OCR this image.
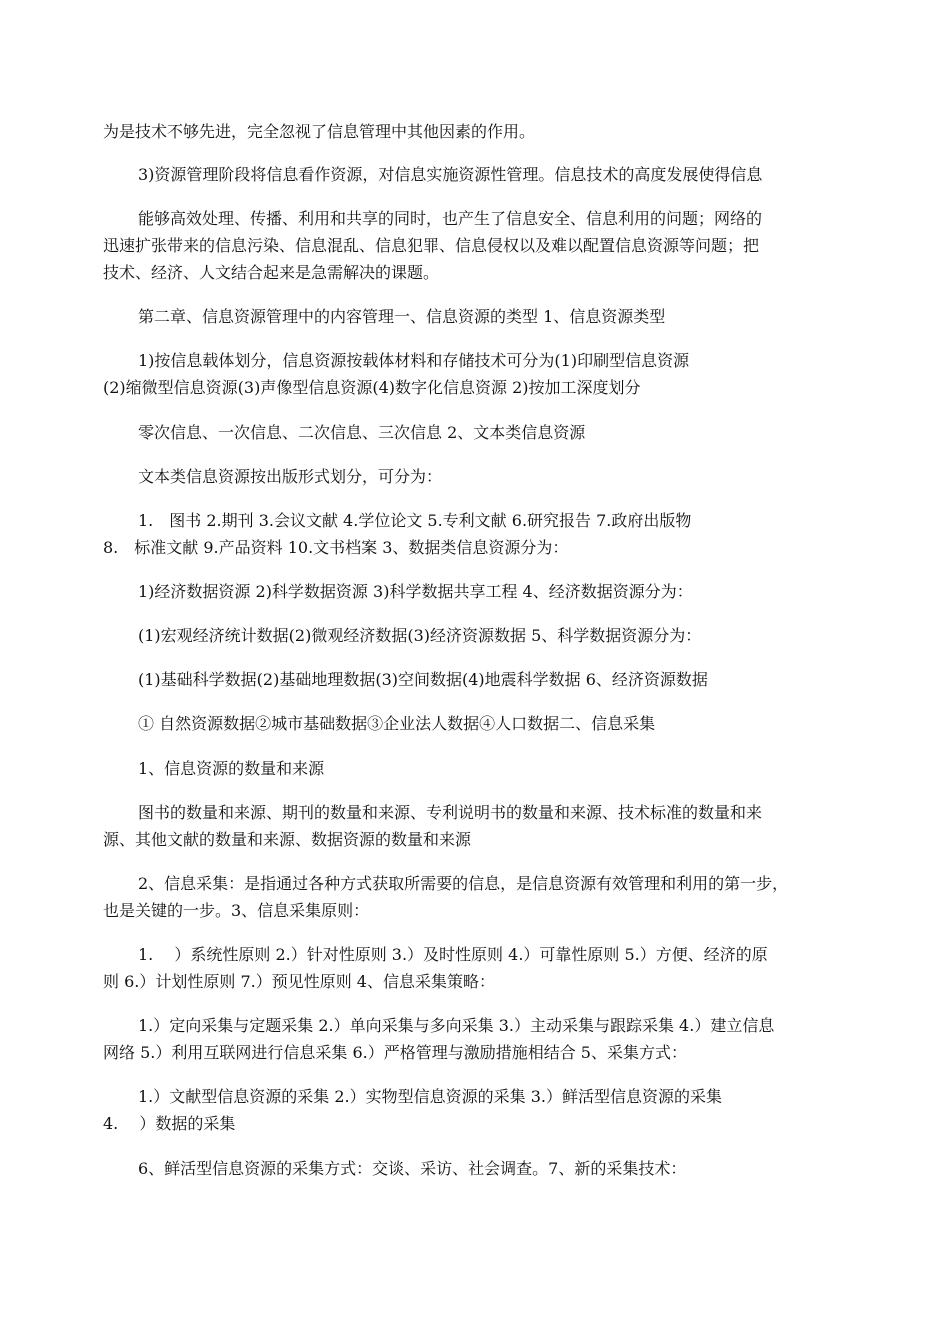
为是技术不够先进，完全忽视了信息管理中其他因素的作用。
3)资源管理阶段将信息看作资源，对信息实施资源性管理。信息技术的高度发展使得信息
能够高效处理、传播、利用和共享的同时，也产生了信息安全、信息利用的问题；网络的
迅速扩张带来的信息污染、信息混乱、信息犯罪、信息侵权以及难以配置信息资源等问题；把
技术、经济、人文结合起来是急需解决的课题。
第二章、信息资源管理中的内容管理一、信息资源的类型 1、信息资源类型
1)按信息载体划分，信息资源按载体材料和存储技术可分为(1)印刷型信息资源
(2)缩微型信息资源(3)声像型信息资源(4)数字化信息资源 2)按加工深度划分
零次信息、一次信息、二次信息、三次信息 2、文本类信息资源
文本类信息资源按出版形式划分，可分为：
1.　图书 2.期刊 3.会议文献 4.学位论文 5.专利文献 6.研究报告 7.政府出版物
8.　标准文献 9.产品资料 10.文书档案 3、数据类信息资源分为：
1)经济数据资源 2)科学数据资源 3)科学数据共享工程 4、经济数据资源分为：
(1)宏观经济统计数据(2)微观经济数据(3)经济资源数据 5、科学数据资源分为：
(1)基础科学数据(2)基础地理数据(3)空间数据(4)地震科学数据 6、经济资源数据
① 自然资源数据②城市基础数据③企业法人数据④人口数据二、信息采集
1、信息资源的数量和来源
图书的数量和来源、期刊的数量和来源、专利说明书的数量和来源、技术标准的数量和来
源、其他文献的数量和来源、数据资源的数量和来源
2、信息采集：是指通过各种方式获取所需要的信息，是信息资源有效管理和利用的第一步，
也是关键的一步。3、信息采集原则：
1.　 ）系统性原则 2.）针对性原则 3.）及时性原则 4.）可靠性原则 5.）方便、经济的原
则 6.）计划性原则 7.）预见性原则 4、信息采集策略：
1.）定向采集与定题采集 2.）单向采集与多向采集 3.）主动采集与跟踪采集 4.）建立信息
网络 5.）利用互联网进行信息采集 6.）严格管理与激励措施相结合 5、采集方式：
1.）文献型信息资源的采集 2.）实物型信息资源的采集 3.）鲜活型信息资源的采集
4.　 ）数据的采集
6、鲜活型信息资源的采集方式：交谈、采访、社会调查。7、新的采集技术：
